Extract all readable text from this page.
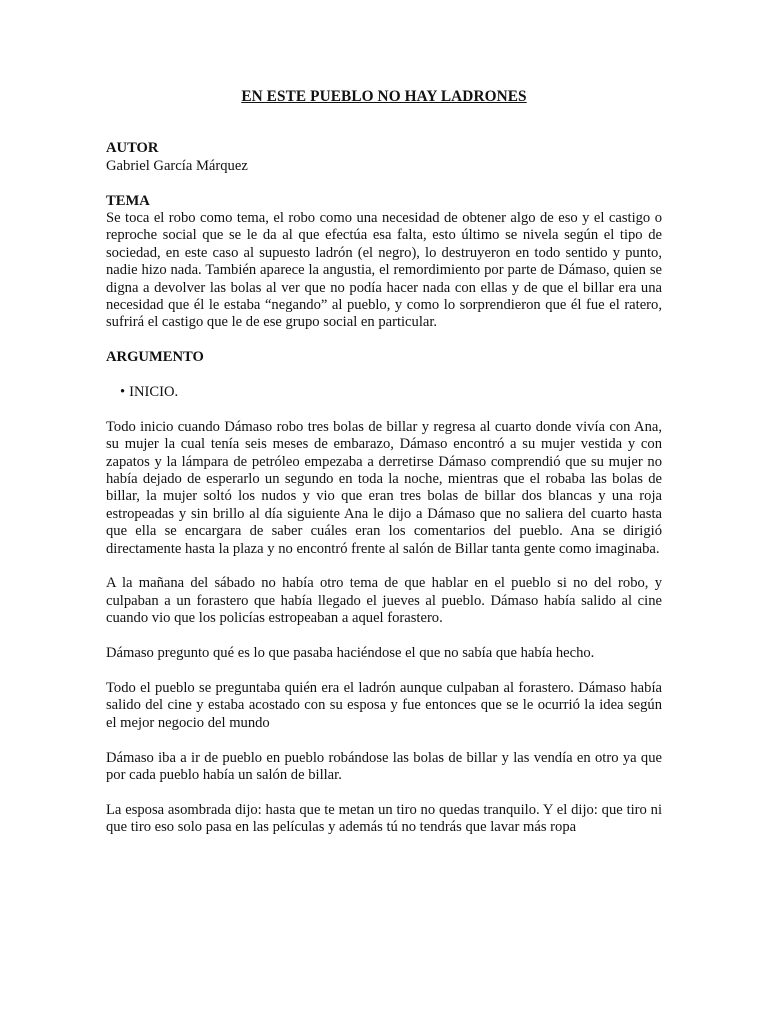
EN ESTE PUEBLO NO HAY LADRONES

AUTOR

Gabriel García Márquez

TEMA

Se toca el robo como tema, el robo como una necesidad de obtener algo de eso y el castigo o reproche social que se le da al que efectúa esa falta, esto último se nivela según el tipo de sociedad, en este caso al supuesto ladrón (el negro), lo destruyeron en todo sentido y punto, nadie hizo nada. También aparece la angustia, el remordimiento por parte de Dámaso, quien se digna a devolver las bolas al ver que no podía hacer nada con ellas y de que el billar era una necesidad que él le estaba “negando” al pueblo, y como lo sorprendieron que él fue el ratero, sufrirá el castigo que le de ese grupo social en particular.

ARGUMENTO

• INICIO.

Todo inicio cuando Dámaso robo tres bolas de billar y regresa al cuarto donde vivía con Ana, su mujer la cual tenía seis meses de embarazo, Dámaso encontró a su mujer vestida y con zapatos y la lámpara de petróleo empezaba a derretirse Dámaso comprendió que su mujer no había dejado de esperarlo un segundo en toda la noche, mientras que el robaba las bolas de billar, la mujer soltó los nudos y vio que eran tres bolas de billar dos blancas y una roja estropeadas y sin brillo al día siguiente Ana le dijo a Dámaso que no saliera del cuarto hasta que ella se encargara de saber cuáles eran los comentarios del pueblo. Ana se dirigió directamente hasta la plaza y no encontró frente al salón de Billar tanta gente como imaginaba.

A la mañana del sábado no había otro tema de que hablar en el pueblo si no del robo, y culpaban a un forastero que había llegado el jueves al pueblo. Dámaso había salido al cine cuando vio que los policías estropeaban a aquel forastero.

Dámaso pregunto qué es lo que pasaba haciéndose el que no sabía que había hecho.

Todo el pueblo se preguntaba quién era el ladrón aunque culpaban al forastero. Dámaso había salido del cine y estaba acostado con su esposa y fue entonces que se le ocurrió la idea según el mejor negocio del mundo

Dámaso iba a ir de pueblo en pueblo robándose las bolas de billar y las vendía en otro ya que por cada pueblo había un salón de billar.

La esposa asombrada dijo: hasta que te metan un tiro no quedas tranquilo. Y el dijo: que tiro ni que tiro eso solo pasa en las películas y además tú no tendrás que lavar más ropa
